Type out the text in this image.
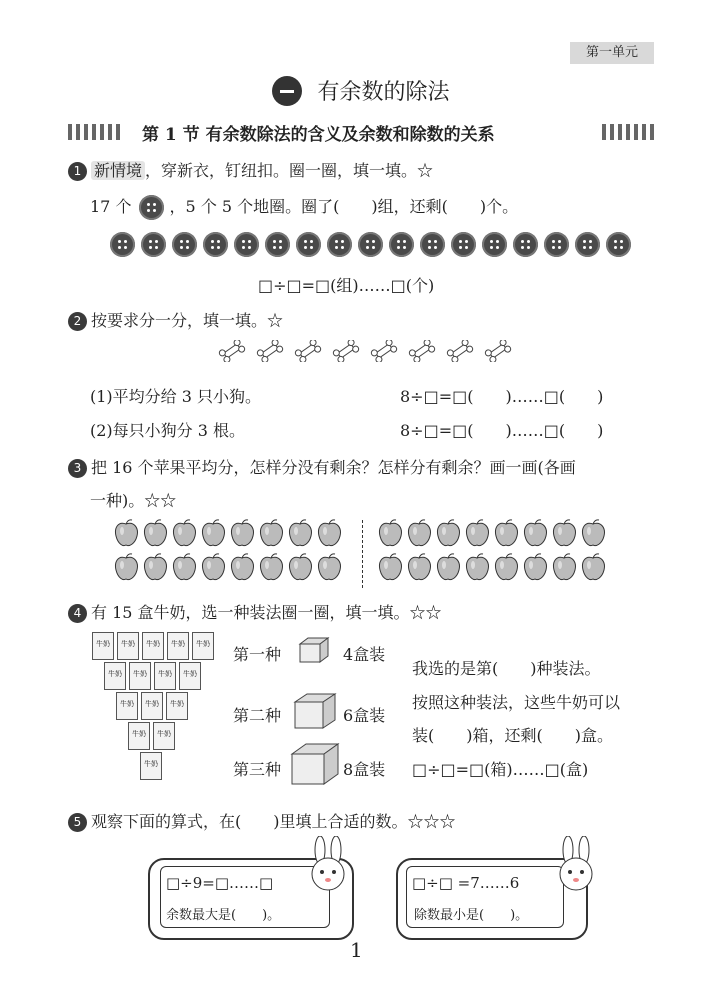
第一单元
有余数的除法
第 1 节 有余数除法的含义及余数和除数的关系
1 新情境 ，穿新衣，钉纽扣。圈一圈，填一填。☆
17 个 ，5 个 5 个地圈。圈了(　　)组，还剩(　　)个。
□÷□=□(组)……□(个)
2 按要求分一分，填一填。☆
(1)平均分给 3 只小狗。	8÷□=□(　　)……□(　　)
(2)每只小狗分 3 根。	8÷□=□(　　)……□(　　)
3 把 16 个苹果平均分，怎样分没有剩余？怎样分有剩余？画一画(各画
一种)。☆☆
4 有 15 盒牛奶，选一种装法圈一圈，填一填。☆☆
牛奶	牛奶	牛奶	牛奶	牛奶
牛奶	牛奶	牛奶	牛奶
牛奶	牛奶	牛奶
牛奶	牛奶
牛奶
第一种	4盒装
第二种	6盒装
第三种	8盒装
我选的是第(　　)种装法。
按照这种装法，这些牛奶可以
装(　　)箱，还剩(　　)盒。
□÷□=□(箱)……□(盒)
5 观察下面的算式，在(　　)里填上合适的数。☆☆☆
□÷9=□……□
余数最大是(　　)。
□÷□ =7……6
除数最小是(　　)。
1
